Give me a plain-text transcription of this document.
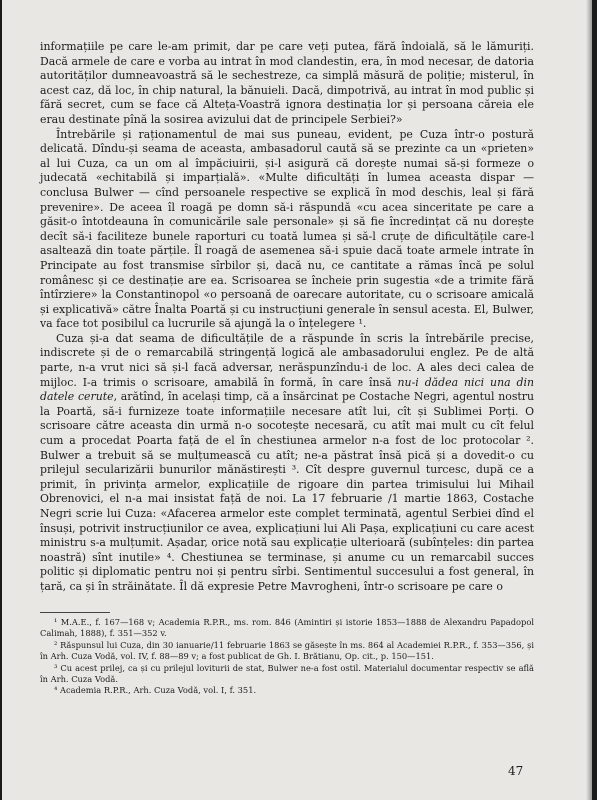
informațiile pe care le-am primit, dar pe care veți putea, fără îndoială, să le lămuriți. Dacă armele de care e vorba au intrat în mod clandestin, era, în mod necesar, de datoria autorităților dumneavoastră să le sechestreze, ca simplă măsură de poliție; misterul, în acest caz, dă loc, în chip natural, la bănuieli. Dacă, dimpotrivă, au intrat în mod public și fără secret, cum se face că Alteța-Voastră ignora destinația lor și persoana căreia ele erau destinate pînă la sosirea avizului dat de principele Serbiei?»

Întrebările și raționamentul de mai sus puneau, evident, pe Cuza într-o postură delicată. Dîndu-și seama de aceasta, ambasadorul caută să se prezinte ca un «prieten» al lui Cuza, ca un om al împăciuirii, și-l asigură că dorește numai să-și formeze o judecată «echitabilă și imparțială». «Multe dificultăți în lumea aceasta dispar — conclusa Bulwer — cînd persoanele respective se explică în mod deschis, leal și fără prevenire». De aceea îl roagă pe domn să-i răspundă «cu acea sinceritate pe care a găsit-o întotdeauna în comunicările sale personale» și să fie încredințat că nu dorește decît să-i faciliteze bunele raporturi cu toată lumea și să-l cruțe de dificultățile care-l asaltează din toate părțile. Îl roagă de asemenea să-i spuie dacă toate armele intrate în Principate au fost transmise sîrbilor și, dacă nu, ce cantitate a rămas încă pe solul românesc și ce destinație are ea. Scrisoarea se încheie prin sugestia «de a trimite fără întîrziere» la Constantinopol «o persoană de oarecare autoritate, cu o scrisoare amicală și explicativă» către Înalta Poartă și cu instrucțiuni generale în sensul acesta. El, Bulwer, va face tot posibilul ca lucrurile să ajungă la o înțelegere ¹.

Cuza și-a dat seama de dificultățile de a răspunde în scris la întrebările precise, indiscrete și de o remarcabilă stringență logică ale ambasadorului englez. Pe de altă parte, n-a vrut nici să și-l facă adversar, nerăspunzîndu-i de loc. A ales deci calea de mijloc. I-a trimis o scrisoare, amabilă în formă, în care însă nu-i dădea nici una din datele cerute, arătînd, în același timp, că a însărcinat pe Costache Negri, agentul nostru la Poartă, să-i furnizeze toate informațiile necesare atît lui, cît și Sublimei Porți. O scrisoare către aceasta din urmă n-o socotește necesară, cu atît mai mult cu cît felul cum a procedat Poarta față de el în chestiunea armelor n-a fost de loc protocolar ². Bulwer a trebuit să se mulțumească cu atît; ne-a păstrat însă pică și a dovedit-o cu prilejul secularizării bunurilor mănăstirești ³. Cît despre guvernul turcesc, după ce a primit, în privința armelor, explicațiile de rigoare din partea trimisului lui Mihail Obrenovici, el n-a mai insistat față de noi. La 17 februarie /1 martie 1863, Costache Negri scrie lui Cuza: «Afacerea armelor este complet terminată, agentul Serbiei dînd el însuși, potrivit instrucțiunilor ce avea, explicațiuni lui Ali Pașa, explicațiuni cu care acest ministru s-a mulțumit. Așadar, orice notă sau explicație ulterioară (subînțeles: din partea noastră) sînt inutile» ⁴. Chestiunea se terminase, și anume cu un remarcabil succes politic și diplomatic pentru noi și pentru sîrbi. Sentimentul succesului a fost general, în țară, ca și în străinătate. Îl dă expresie Petre Mavrogheni, într-o scrisoare pe care o

¹ M.A.E., f. 167—168 v; Academia R.P.R., ms. rom. 846 (Amintiri și istorie 1853—1888 de Alexandru Papadopol Calimah, 1888), f. 351—352 v.

² Răspunsul lui Cuza, din 30 ianuarie/11 februarie 1863 se găsește în ms. 864 al Academiei R.P.R., f. 353—356, și în Arh. Cuza Vodă, vol. IV, f. 88—89 v; a fost publicat de Gh. I. Brătianu, Op. cit., p. 150—151.

³ Cu acest prilej, ca și cu prilejul loviturii de stat, Bulwer ne-a fost ostil. Materialul documentar respectiv se află în Arh. Cuza Vodă.

⁴ Academia R.P.R., Arh. Cuza Vodă, vol. I, f. 351.

47
